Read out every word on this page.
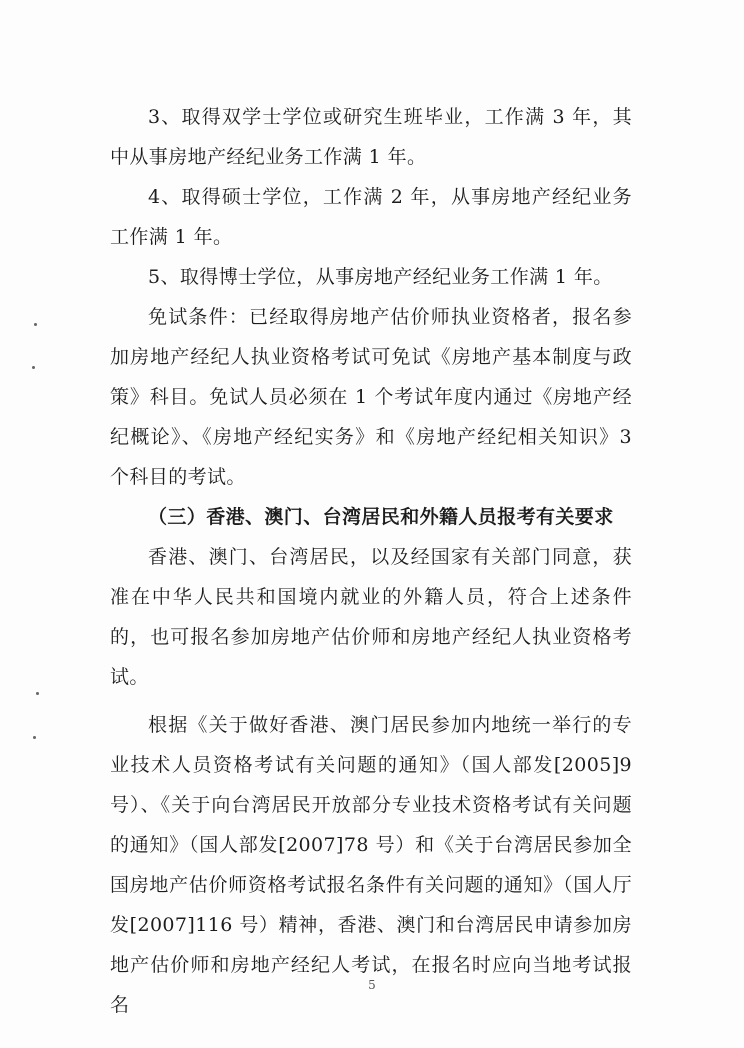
3、取得双学士学位或研究生班毕业，工作满 3 年，其中从事房地产经纪业务工作满 1 年。

4、取得硕士学位，工作满 2 年，从事房地产经纪业务工作满 1 年。

5、取得博士学位，从事房地产经纪业务工作满 1 年。

免试条件：已经取得房地产估价师执业资格者，报名参加房地产经纪人执业资格考试可免试《房地产基本制度与政策》科目。免试人员必须在 1 个考试年度内通过《房地产经纪概论》、《房地产经纪实务》和《房地产经纪相关知识》3 个科目的考试。

（三）香港、澳门、台湾居民和外籍人员报考有关要求

香港、澳门、台湾居民，以及经国家有关部门同意，获准在中华人民共和国境内就业的外籍人员，符合上述条件的，也可报名参加房地产估价师和房地产经纪人执业资格考试。

根据《关于做好香港、澳门居民参加内地统一举行的专业技术人员资格考试有关问题的通知》（国人部发[2005]9 号）、《关于向台湾居民开放部分专业技术资格考试有关问题的通知》（国人部发[2007]78 号）和《关于台湾居民参加全国房地产估价师资格考试报名条件有关问题的通知》（国人厅发[2007]116 号）精神，香港、澳门和台湾居民申请参加房地产估价师和房地产经纪人考试，在报名时应向当地考试报名

5
